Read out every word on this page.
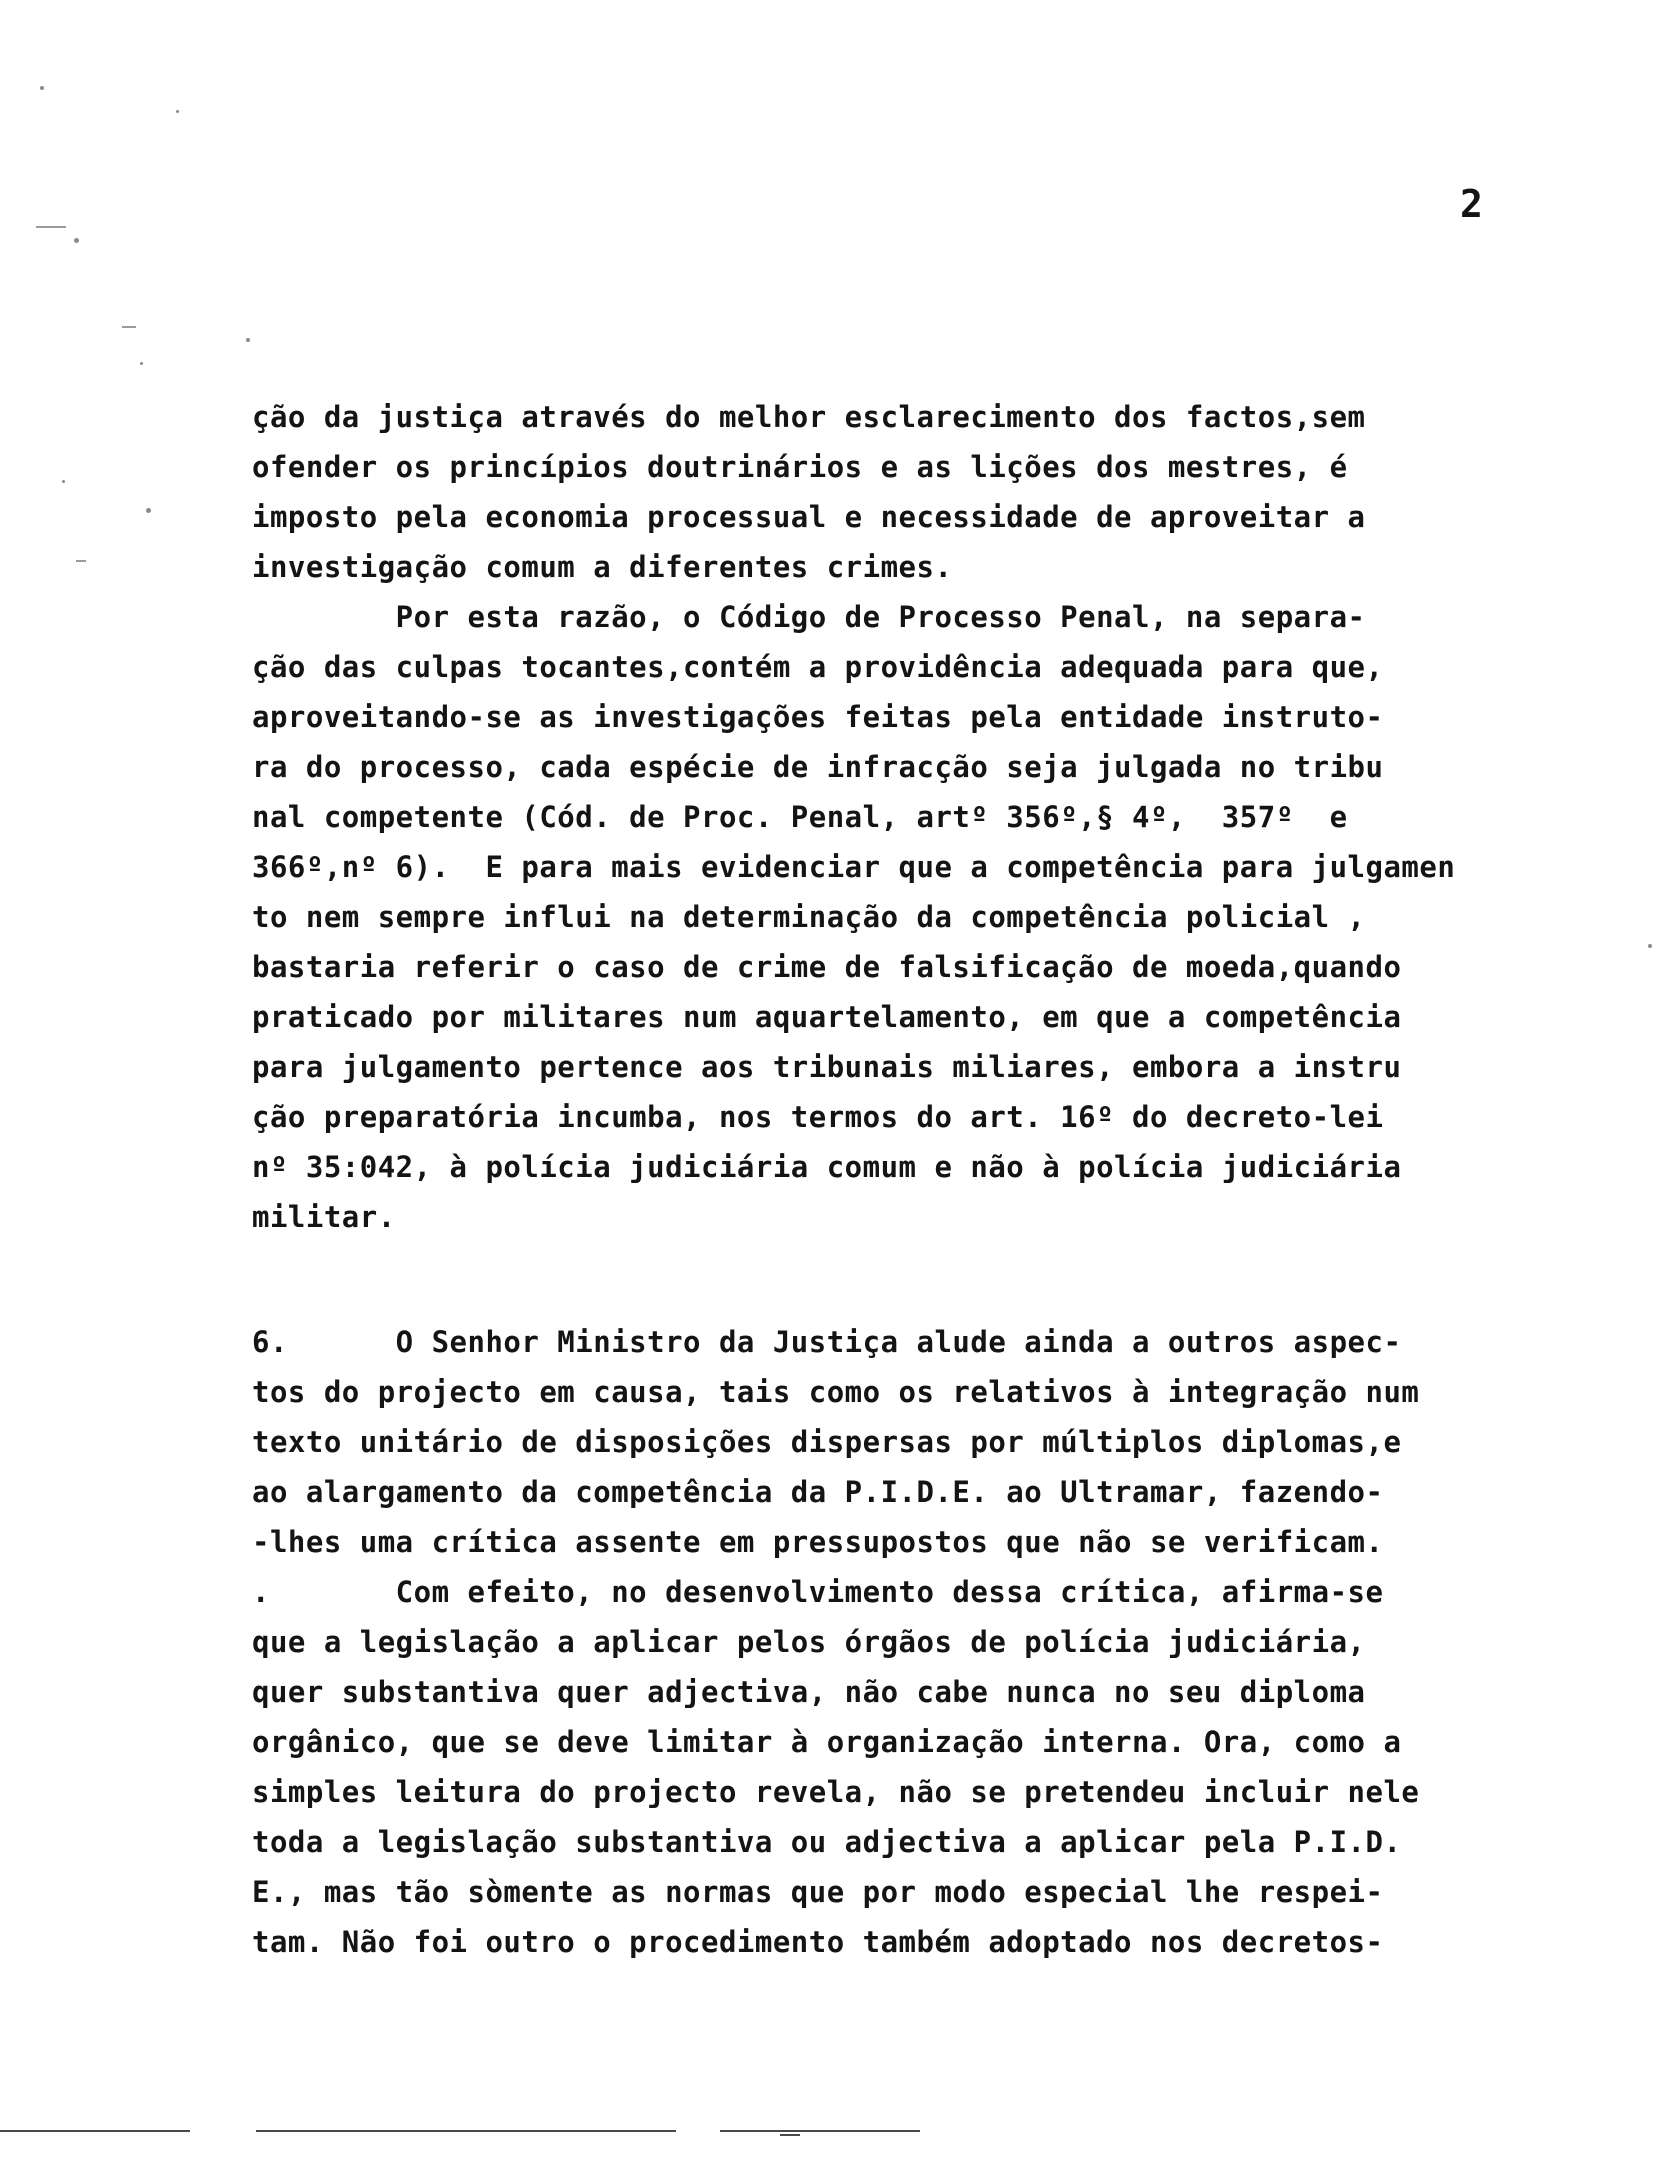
2
ção da justiça através do melhor esclarecimento dos factos,sem
ofender os princípios doutrinários e as lições dos mestres, é
imposto pela economia processual e necessidade de aproveitar a
investigação comum a diferentes crimes.
Por esta razão, o Código de Processo Penal, na separa-
ção das culpas tocantes,contém a providência adequada para que,
aproveitando-se as investigações feitas pela entidade instruto-
ra do processo, cada espécie de infracção seja julgada no tribu
nal competente (Cód. de Proc. Penal, artº 356º,§ 4º,  357º  e
366º,nº 6).  E para mais evidenciar que a competência para julgamen
to nem sempre influi na determinação da competência policial ,
bastaria referir o caso de crime de falsificação de moeda,quando
praticado por militares num aquartelamento, em que a competência
para julgamento pertence aos tribunais miliares, embora a instru
ção preparatória incumba, nos termos do art. 16º do decreto-lei
nº 35:042, à polícia judiciária comum e não à polícia judiciária
militar.
6.      O Senhor Ministro da Justiça alude ainda a outros aspec-
tos do projecto em causa, tais como os relativos à integração num
texto unitário de disposições dispersas por múltiplos diplomas,e
ao alargamento da competência da P.I.D.E. ao Ultramar, fazendo-
-lhes uma crítica assente em pressupostos que não se verificam.
.       Com efeito, no desenvolvimento dessa crítica, afirma-se
que a legislação a aplicar pelos órgãos de polícia judiciária,
quer substantiva quer adjectiva, não cabe nunca no seu diploma
orgânico, que se deve limitar à organização interna. Ora, como a
simples leitura do projecto revela, não se pretendeu incluir nele
toda a legislação substantiva ou adjectiva a aplicar pela P.I.D.
E., mas tão sòmente as normas que por modo especial lhe respei-
tam. Não foi outro o procedimento também adoptado nos decretos-
